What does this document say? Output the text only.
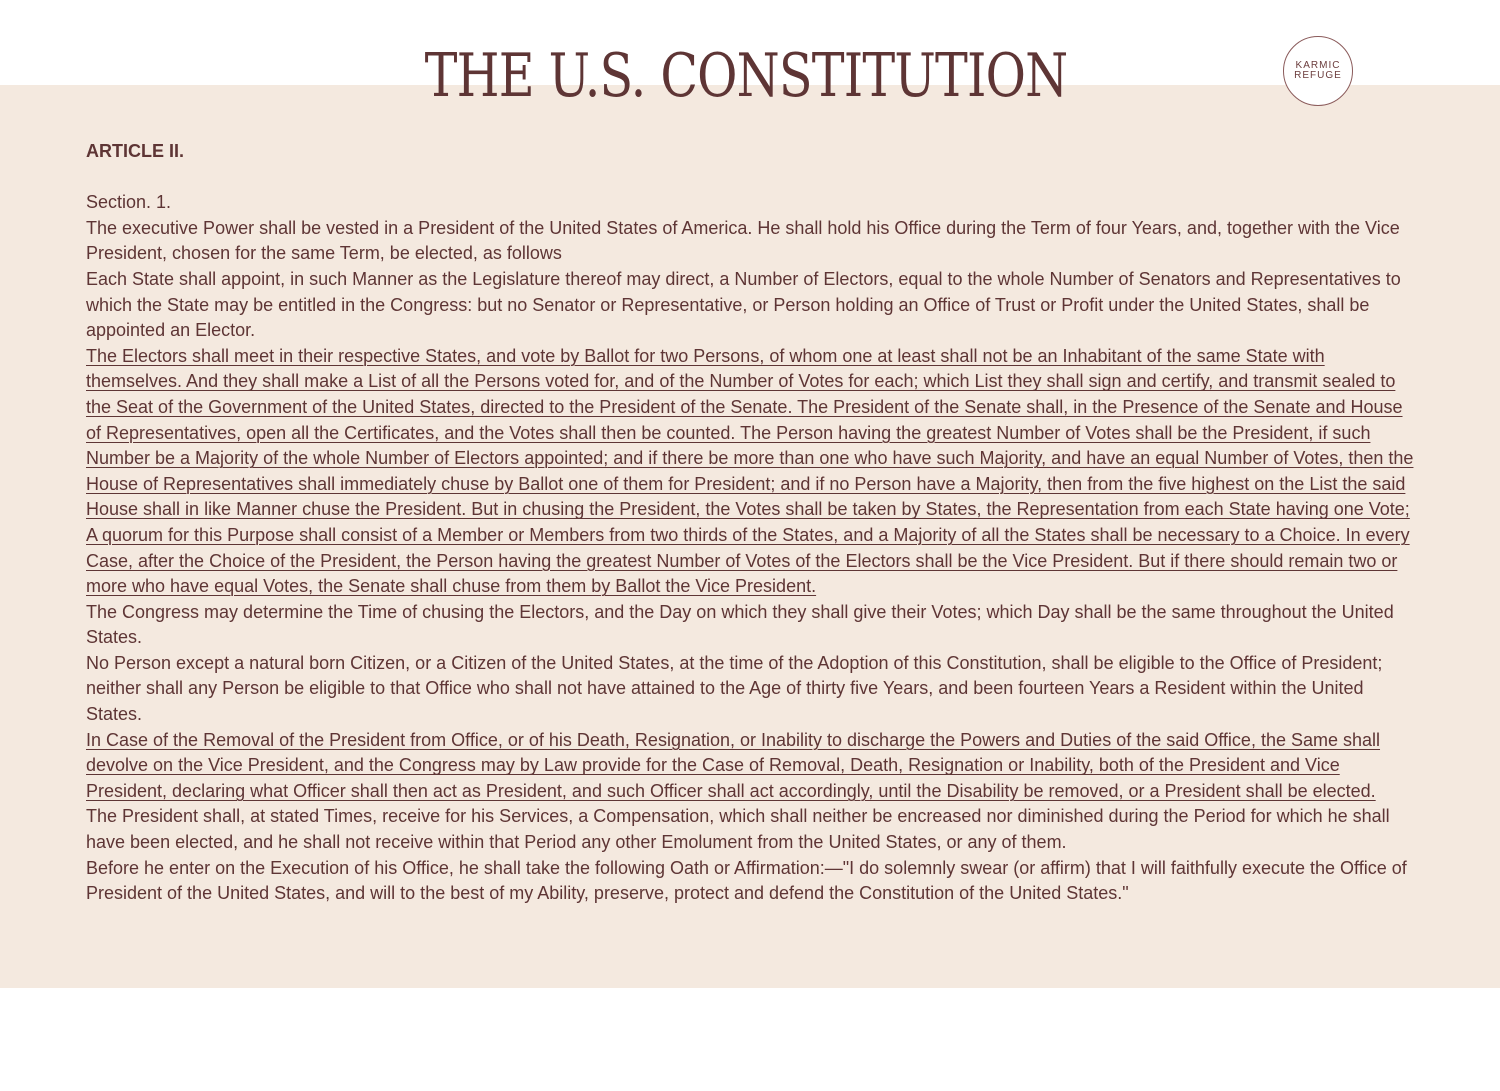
THE U.S. CONSTITUTION	KARMIC
REFUGE

ARTICLE II.

Section. 1.

The executive Power shall be vested in a President of the United States of America. He shall hold his Office during the Term of four Years, and, together with the Vice President, chosen for the same Term, be elected, as follows

Each State shall appoint, in such Manner as the Legislature thereof may direct, a Number of Electors, equal to the whole Number of Senators and Representatives to which the State may be entitled in the Congress: but no Senator or Representative, or Person holding an Office of Trust or Profit under the United States, shall be appointed an Elector.

The Electors shall meet in their respective States, and vote by Ballot for two Persons, of whom one at least shall not be an Inhabitant of the same State with themselves. And they shall make a List of all the Persons voted for, and of the Number of Votes for each; which List they shall sign and certify, and transmit sealed to the Seat of the Government of the United States, directed to the President of the Senate. The President of the Senate shall, in the Presence of the Senate and House of Representatives, open all the Certificates, and the Votes shall then be counted. The Person having the greatest Number of Votes shall be the President, if such Number be a Majority of the whole Number of Electors appointed; and if there be more than one who have such Majority, and have an equal Number of Votes, then the House of Representatives shall immediately chuse by Ballot one of them for President; and if no Person have a Majority, then from the five highest on the List the said House shall in like Manner chuse the President. But in chusing the President, the Votes shall be taken by States, the Representation from each State having one Vote; A quorum for this Purpose shall consist of a Member or Members from two thirds of the States, and a Majority of all the States shall be necessary to a Choice. In every Case, after the Choice of the President, the Person having the greatest Number of Votes of the Electors shall be the Vice President. But if there should remain two or more who have equal Votes, the Senate shall chuse from them by Ballot the Vice President.

The Congress may determine the Time of chusing the Electors, and the Day on which they shall give their Votes; which Day shall be the same throughout the United States.

No Person except a natural born Citizen, or a Citizen of the United States, at the time of the Adoption of this Constitution, shall be eligible to the Office of President; neither shall any Person be eligible to that Office who shall not have attained to the Age of thirty five Years, and been fourteen Years a Resident within the United States.

In Case of the Removal of the President from Office, or of his Death, Resignation, or Inability to discharge the Powers and Duties of the said Office, the Same shall devolve on the Vice President, and the Congress may by Law provide for the Case of Removal, Death, Resignation or Inability, both of the President and Vice President, declaring what Officer shall then act as President, and such Officer shall act accordingly, until the Disability be removed, or a President shall be elected.

The President shall, at stated Times, receive for his Services, a Compensation, which shall neither be encreased nor diminished during the Period for which he shall have been elected, and he shall not receive within that Period any other Emolument from the United States, or any of them.

Before he enter on the Execution of his Office, he shall take the following Oath or Affirmation:—"I do solemnly swear (or affirm) that I will faithfully execute the Office of President of the United States, and will to the best of my Ability, preserve, protect and defend the Constitution of the United States."
